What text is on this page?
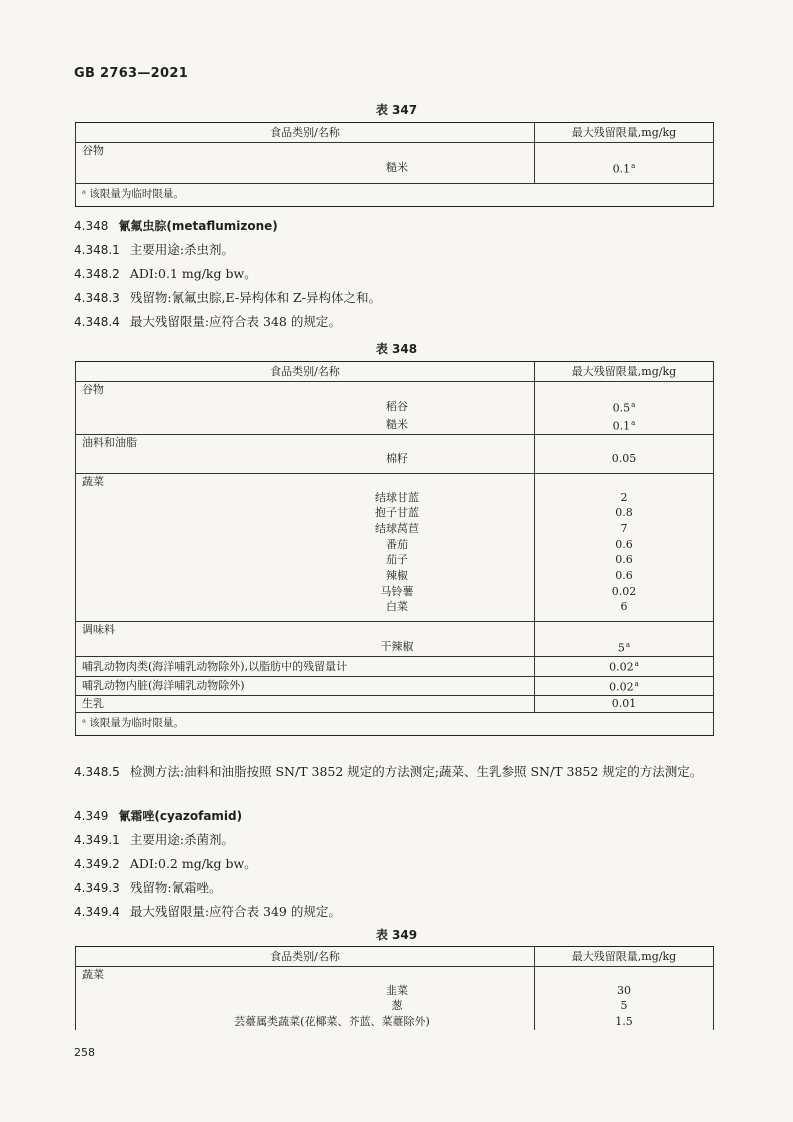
GB 2763—2021
表 347
食品类别/名称	最大残留限量,mg/kg
谷物	
糙米	0.1$^a$

ᵃ 该限量为临时限量。	
4.348 氰氟虫腙(metaflumizone)
4.348.1 主要用途:杀虫剂。
4.348.2 ADI:0.1 mg/kg bw。
4.348.3 残留物:氰氟虫腙,E-异构体和 Z-异构体之和。
4.348.4 最大残留限量:应符合表 348 的规定。
表 348
食品类别/名称	最大残留限量,mg/kg
谷物	
稻谷	0.5$^a$
糙米	0.1$^a$
油料和油脂	
棉籽	0.05

蔬菜	
结球甘蓝	2
抱子甘蓝	0.8
结球莴苣	7
番茄	0.6
茄子	0.6
辣椒	0.6
马铃薯	0.02
白菜	6

调味料	
干辣椒	5$^a$
哺乳动物肉类(海洋哺乳动物除外),以脂肪中的残留量计	0.02$^a$
哺乳动物内脏(海洋哺乳动物除外)	0.02$^a$
生乳	0.01
ᵃ 该限量为临时限量。	
4.348.5 检测方法:油料和油脂按照 SN/T 3852 规定的方法测定;蔬菜、生乳参照 SN/T 3852 规定的方法测定。
4.349 氰霜唑(cyazofamid)
4.349.1 主要用途:杀菌剂。
4.349.2 ADI:0.2 mg/kg bw。
4.349.3 残留物:氰霜唑。
4.349.4 最大残留限量:应符合表 349 的规定。
表 349
食品类别/名称	最大残留限量,mg/kg
蔬菜	
韭菜	30
葱	5
芸薹属类蔬菜(花椰菜、芥蓝、菜薹除外)	1.5
258
